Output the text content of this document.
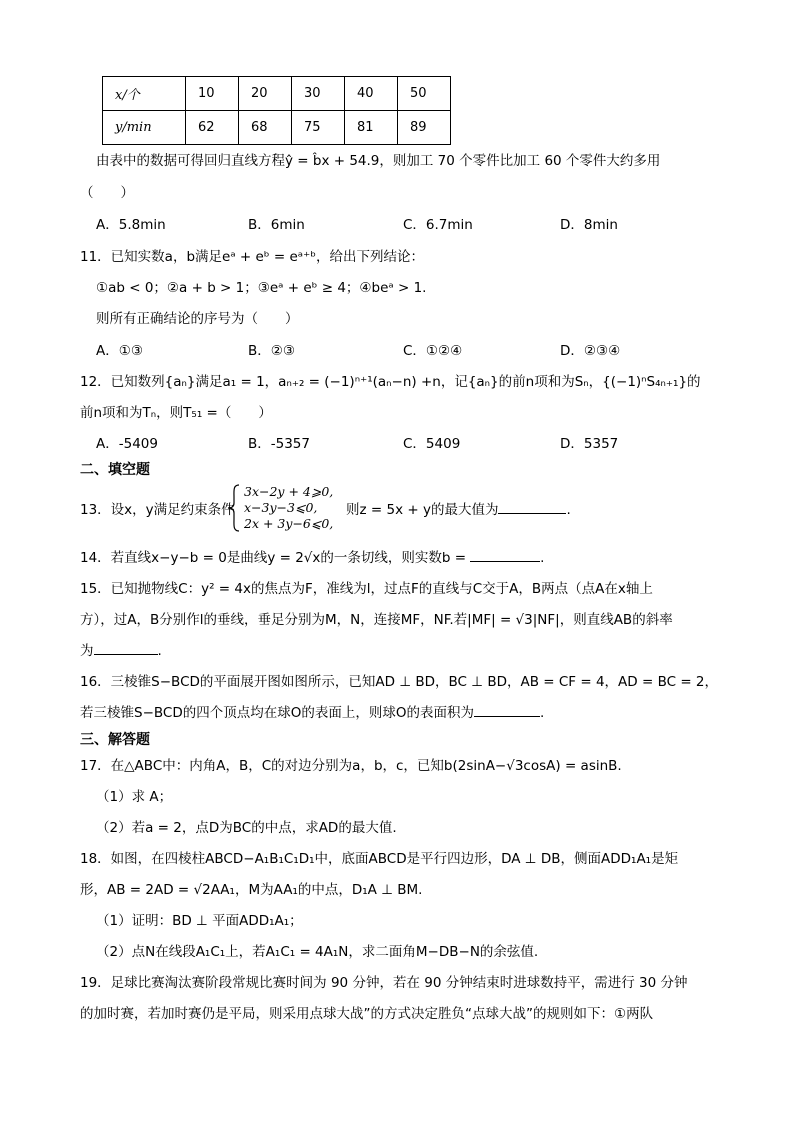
x/个	10	20	30	40	50
y/min	62	68	75	81	89
由表中的数据可得回归直线方程ŷ = b̂x + 54.9，则加工 70 个零件比加工 60 个零件大约多用
（　　）
A．5.8min	B．6min	C．6.7min	D．8min
11．已知实数a，b满足eᵃ + eᵇ = eᵃ⁺ᵇ，给出下列结论：
①ab < 0；②a + b > 1；③eᵃ + eᵇ ≥ 4；④beᵃ > 1.
则所有正确结论的序号为（　　）
A．①③	B．②③	C．①②④	D．②③④
12．已知数列{aₙ}满足a₁ = 1，aₙ₊₂ = (−1)ⁿ⁺¹(aₙ−n) +n，记{aₙ}的前n项和为Sₙ，{(−1)ⁿS₄ₙ₊₁}的
前n项和为Tₙ，则T₅₁ =（　　）
A．-5409	B．-5357	C．5409	D．5357
二、填空题
13．设x，y满足约束条件
3x−2y + 4⩾0,
x−3y−3⩽0,
2x + 3y−6⩽0,
则z = 5x + y的最大值为	.
14．若直线x−y−b = 0是曲线y = 2√x的一条切线，则实数b =	.
15．已知抛物线C：y² = 4x的焦点为F，准线为l，过点F的直线与C交于A，B两点（点A在x轴上
方），过A，B分别作l的垂线，垂足分别为M，N，连接MF，NF.若|MF| = √3|NF|，则直线AB的斜率
为	.
16．三棱锥S−BCD的平面展开图如图所示，已知AD ⊥ BD，BC ⊥ BD，AB = CF = 4，AD = BC = 2，
若三棱锥S−BCD的四个顶点均在球O的表面上，则球O的表面积为	.
三、解答题
17．在△ABC中：内角A，B，C的对边分别为a，b，c，已知b(2sinA−√3cosA) = asinB.
（1）求 A；
（2）若a = 2，点D为BC的中点，求AD的最大值.
18．如图，在四棱柱ABCD−A₁B₁C₁D₁中，底面ABCD是平行四边形，DA ⊥ DB，侧面ADD₁A₁是矩
形，AB = 2AD = √2AA₁，M为AA₁的中点，D₁A ⊥ BM.
（1）证明：BD ⊥ 平面ADD₁A₁；
（2）点N在线段A₁C₁上，若A₁C₁ = 4A₁N，求二面角M−DB−N的余弦值.
19．足球比赛淘汰赛阶段常规比赛时间为 90 分钟，若在 90 分钟结束时进球数持平，需进行 30 分钟
的加时赛，若加时赛仍是平局，则采用点球大战”的方式决定胜负“点球大战”的规则如下：①两队
